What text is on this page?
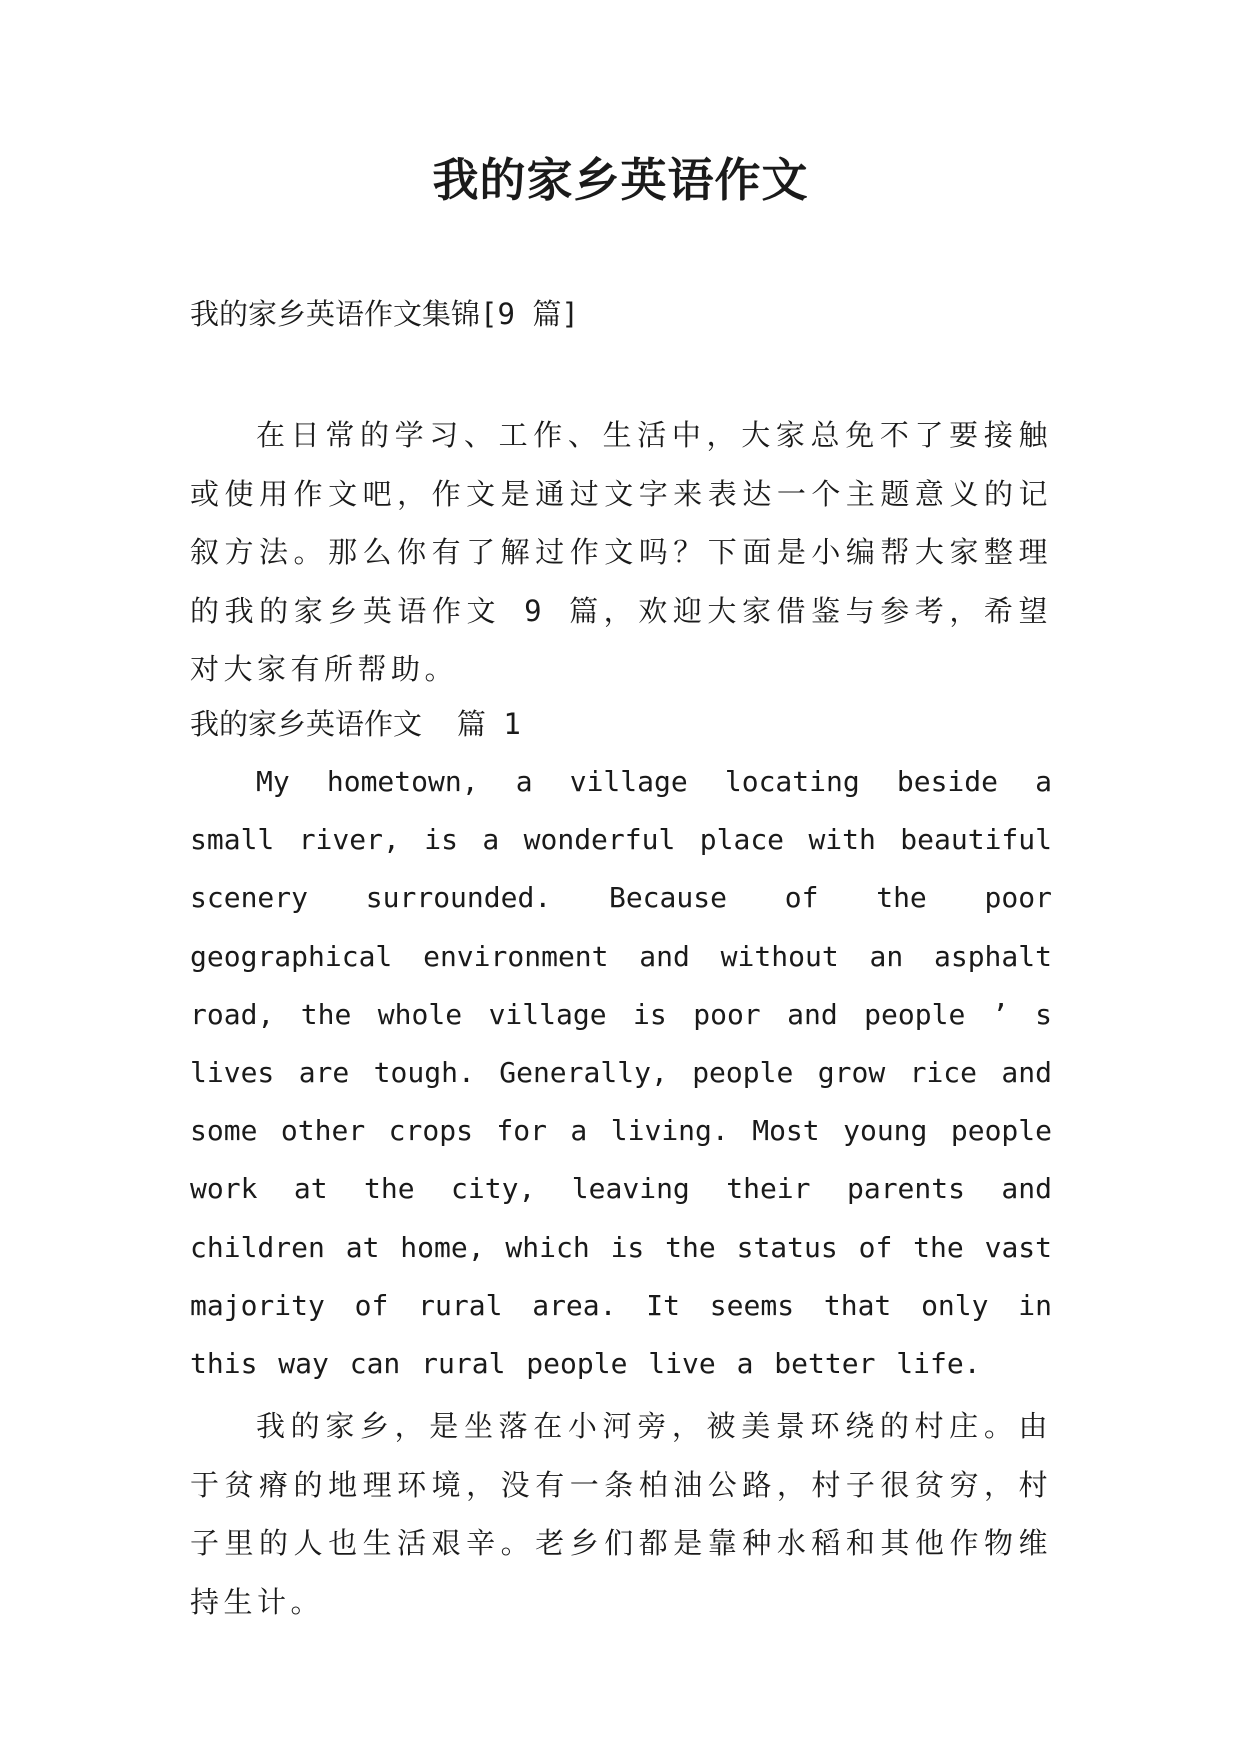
我的家乡英语作文

我的家乡英语作文集锦[9 篇]

在日常的学习、工作、生活中，大家总免不了要接触或使用作文吧，作文是通过文字来表达一个主题意义的记叙方法。那么你有了解过作文吗？下面是小编帮大家整理的我的家乡英语作文 9 篇，欢迎大家借鉴与参考，希望对大家有所帮助。

我的家乡英语作文  篇 1

My hometown, a village locating beside a small river, is a wonderful place with beautiful scenery surrounded. Because of the poor geographical environment and without an asphalt road, the whole village is poor and people ’ s lives are tough. Generally, people grow rice and some other crops for a living. Most young people work at the city, leaving their parents and children at home, which is the status of the vast majority of rural area. It seems that only in this way can rural people live a better life.

我的家乡，是坐落在小河旁，被美景环绕的村庄。由于贫瘠的地理环境，没有一条柏油公路，村子很贫穷，村子里的人也生活艰辛。老乡们都是靠种水稻和其他作物维持生计。
